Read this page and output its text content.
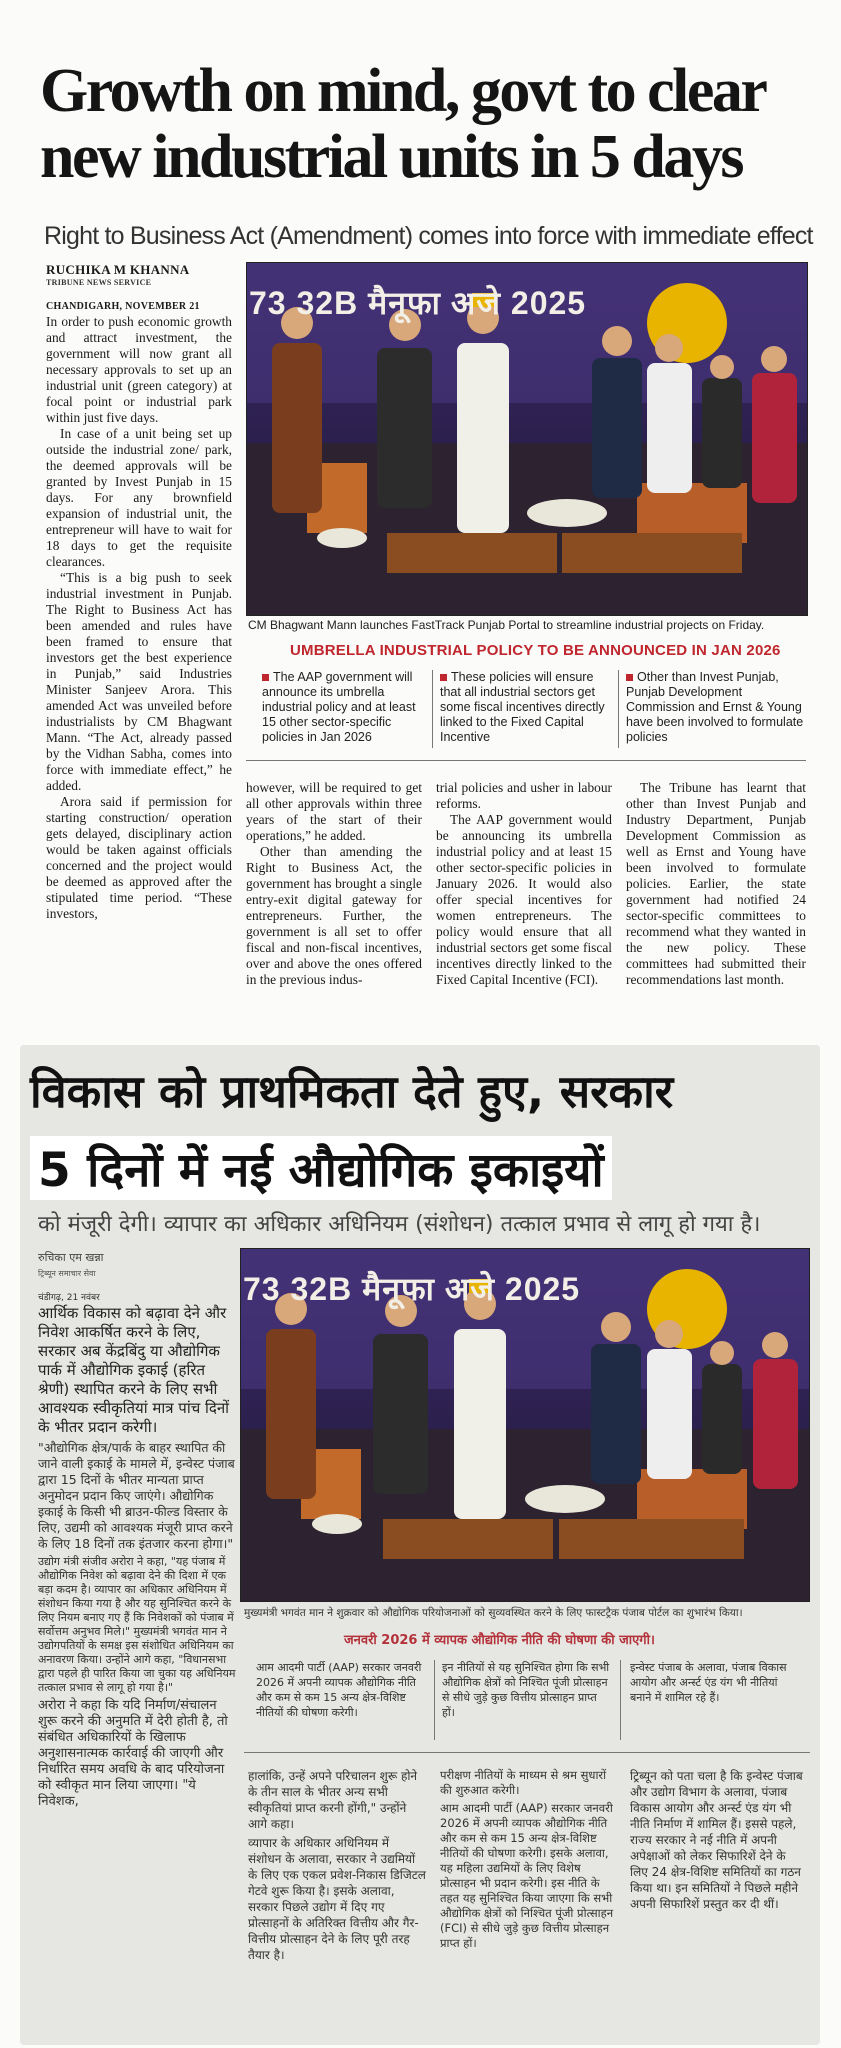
Growth on mind, govt to clear
new industrial units in 5 days
Right to Business Act (Amendment) comes into force with immediate effect
RUCHIKA M KHANNA
TRIBUNE NEWS SERVICE
CHANDIGARH, NOVEMBER 21

In order to push economic growth and attract investment, the government will now grant all necessary approvals to set up an industrial unit (green category) at focal point or industrial park within just five days.

In case of a unit being set up outside the industrial zone/ park, the deemed approvals will be granted by Invest Punjab in 15 days. For any brownfield expansion of industrial unit, the entrepreneur will have to wait for 18 days to get the requisite clearances.

“This is a big push to seek industrial investment in Punjab. The Right to Business Act has been amended and rules have been framed to ensure that investors get the best experience in Punjab,” said Industries Minister Sanjeev Arora. This amended Act was unveiled before industrialists by CM Bhagwant Mann. “The Act, already passed by the Vidhan Sabha, comes into force with immediate effect,” he added.

Arora said if permission for starting construction/ operation gets delayed, disciplinary action would be taken against officials concerned and the project would be deemed as approved after the stipulated time period. “These investors,

73 32B मैनूफा अजे 2025
CM Bhagwant Mann launches FastTrack Punjab Portal to streamline industrial projects on Friday.
UMBRELLA INDUSTRIAL POLICY TO BE ANNOUNCED IN JAN 2026
The AAP government will announce its umbrella industrial policy and at least 15 other sector-specific policies in Jan 2026
These policies will ensure that all industrial sectors get some fiscal incentives directly linked to the Fixed Capital Incentive
Other than Invest Punjab, Punjab Development Commission and Ernst & Young have been involved to formulate policies

however, will be required to get all other approvals within three years of the start of their operations,” he added.

Other than amending the Right to Business Act, the government has brought a single entry-exit digital gateway for entrepreneurs. Further, the government is all set to offer fiscal and non-fiscal incentives, over and above the ones offered in the previous indus-

trial policies and usher in labour reforms.

The AAP government would be announcing its umbrella industrial policy and at least 15 other sector-specific policies in January 2026. It would also offer special incentives for women entrepreneurs. The policy would ensure that all industrial sectors get some fiscal incentives directly linked to the Fixed Capital Incentive (FCI).

The Tribune has learnt that other than Invest Punjab and Industry Department, Punjab Development Commission as well as Ernst and Young have been involved to formulate policies. Earlier, the state government had notified 24 sector-specific committees to recommend what they wanted in the new policy. These committees had submitted their recommendations last month.

विकास को प्राथमिकता देते हुए, सरकार
5 दिनों में नई औद्योगिक इकाइयों
को मंजूरी देगी। व्यापार का अधिकार अधिनियम (संशोधन) तत्काल प्रभाव से लागू हो गया है।
रुचिका एम खन्ना
ट्रिब्यून समाचार सेवा
चंडीगढ़, 21 नवंबर

आर्थिक विकास को बढ़ावा देने और निवेश आकर्षित करने के लिए, सरकार अब केंद्रबिंदु या औद्योगिक पार्क में औद्योगिक इकाई (हरित श्रेणी) स्थापित करने के लिए सभी आवश्यक स्वीकृतियां मात्र पांच दिनों के भीतर प्रदान करेगी।

"औद्योगिक क्षेत्र/पार्क के बाहर स्थापित की जाने वाली इकाई के मामले में, इन्वेस्ट पंजाब द्वारा 15 दिनों के भीतर मान्यता प्राप्त अनुमोदन प्रदान किए जाएंगे। औद्योगिक इकाई के किसी भी ब्राउन-फील्ड विस्तार के लिए, उद्यमी को आवश्यक मंजूरी प्राप्त करने के लिए 18 दिनों तक इंतजार करना होगा।"

उद्योग मंत्री संजीव अरोरा ने कहा, "यह पंजाब में औद्योगिक निवेश को बढ़ावा देने की दिशा में एक बड़ा कदम है। व्यापार का अधिकार अधिनियम में संशोधन किया गया है और यह सुनिश्चित करने के लिए नियम बनाए गए हैं कि निवेशकों को पंजाब में सर्वोत्तम अनुभव मिले।" मुख्यमंत्री भगवंत मान ने उद्योगपतियों के समक्ष इस संशोधित अधिनियम का अनावरण किया। उन्होंने आगे कहा, "विधानसभा द्वारा पहले ही पारित किया जा चुका यह अधिनियम तत्काल प्रभाव से लागू हो गया है।"

अरोरा ने कहा कि यदि निर्माण/संचालन शुरू करने की अनुमति में देरी होती है, तो संबंधित अधिकारियों के खिलाफ अनुशासनात्मक कार्रवाई की जाएगी और निर्धारित समय अवधि के बाद परियोजना को स्वीकृत मान लिया जाएगा। "ये निवेशक,

73 32B मैनूफा अजे 2025
मुख्यमंत्री भगवंत मान ने शुक्रवार को औद्योगिक परियोजनाओं को सुव्यवस्थित करने के लिए फास्टट्रैक पंजाब पोर्टल का शुभारंभ किया।
जनवरी 2026 में व्यापक औद्योगिक नीति की घोषणा की जाएगी।
आम आदमी पार्टी (AAP) सरकार जनवरी 2026 में अपनी व्यापक औद्योगिक नीति और कम से कम 15 अन्य क्षेत्र-विशिष्ट नीतियों की घोषणा करेगी।
इन नीतियों से यह सुनिश्चित होगा कि सभी औद्योगिक क्षेत्रों को निश्चित पूंजी प्रोत्साहन से सीधे जुड़े कुछ वित्तीय प्रोत्साहन प्राप्त हों।
इन्वेस्ट पंजाब के अलावा, पंजाब विकास आयोग और अर्न्स्ट एंड यंग भी नीतियां बनाने में शामिल रहे हैं।

हालांकि, उन्हें अपने परिचालन शुरू होने के तीन साल के भीतर अन्य सभी स्वीकृतियां प्राप्त करनी होंगी," उन्होंने आगे कहा।

व्यापार के अधिकार अधिनियम में संशोधन के अलावा, सरकार ने उद्यमियों के लिए एक एकल प्रवेश-निकास डिजिटल गेटवे शुरू किया है। इसके अलावा, सरकार पिछले उद्योग में दिए गए प्रोत्साहनों के अतिरिक्त वित्तीय और गैर-वित्तीय प्रोत्साहन देने के लिए पूरी तरह तैयार है।

परीक्षण नीतियों के माध्यम से श्रम सुधारों की शुरुआत करेगी।

आम आदमी पार्टी (AAP) सरकार जनवरी 2026 में अपनी व्यापक औद्योगिक नीति और कम से कम 15 अन्य क्षेत्र-विशिष्ट नीतियों की घोषणा करेगी। इसके अलावा, यह महिला उद्यमियों के लिए विशेष प्रोत्साहन भी प्रदान करेगी। इस नीति के तहत यह सुनिश्चित किया जाएगा कि सभी औद्योगिक क्षेत्रों को निश्चित पूंजी प्रोत्साहन (FCI) से सीधे जुड़े कुछ वित्तीय प्रोत्साहन प्राप्त हों।

ट्रिब्यून को पता चला है कि इन्वेस्ट पंजाब और उद्योग विभाग के अलावा, पंजाब विकास आयोग और अर्न्स्ट एंड यंग भी नीति निर्माण में शामिल हैं। इससे पहले, राज्य सरकार ने नई नीति में अपनी अपेक्षाओं को लेकर सिफारिशें देने के लिए 24 क्षेत्र-विशिष्ट समितियों का गठन किया था। इन समितियों ने पिछले महीने अपनी सिफारिशें प्रस्तुत कर दी थीं।
